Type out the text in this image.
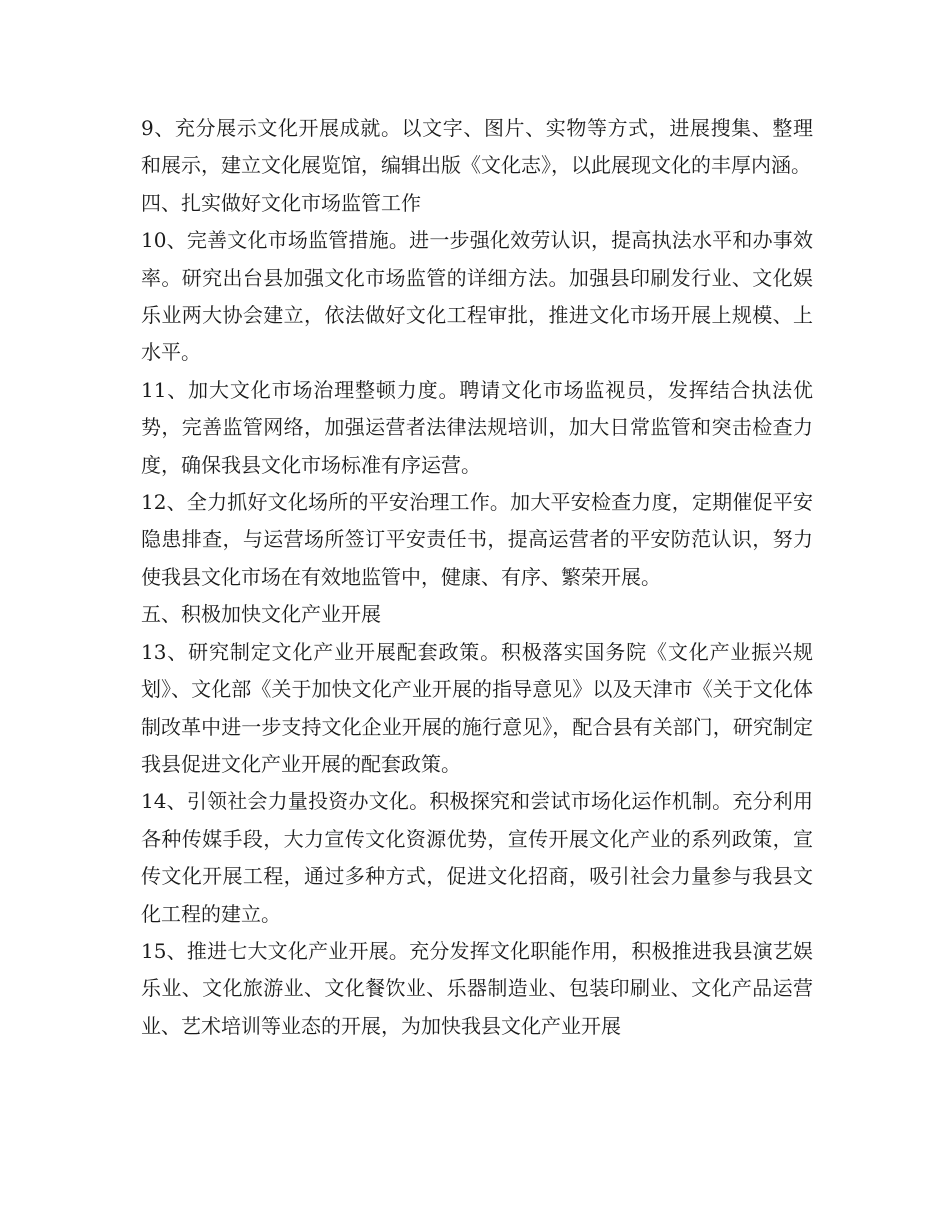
9、充分展示文化开展成就。以文字、图片、实物等方式，进展搜集、整理和展示，建立文化展览馆，编辑出版《文化志》，以此展现文化的丰厚内涵。

四、扎实做好文化市场监管工作

10、完善文化市场监管措施。进一步强化效劳认识，提高执法水平和办事效率。研究出台县加强文化市场监管的详细方法。加强县印刷发行业、文化娱乐业两大协会建立，依法做好文化工程审批，推进文化市场开展上规模、上水平。

11、加大文化市场治理整顿力度。聘请文化市场监视员，发挥结合执法优势，完善监管网络，加强运营者法律法规培训，加大日常监管和突击检查力度，确保我县文化市场标准有序运营。

12、全力抓好文化场所的平安治理工作。加大平安检查力度，定期催促平安隐患排查，与运营场所签订平安责任书，提高运营者的平安防范认识，努力使我县文化市场在有效地监管中，健康、有序、繁荣开展。

五、积极加快文化产业开展

13、研究制定文化产业开展配套政策。积极落实国务院《文化产业振兴规划》、文化部《关于加快文化产业开展的指导意见》以及天津市《关于文化体制改革中进一步支持文化企业开展的施行意见》，配合县有关部门，研究制定我县促进文化产业开展的配套政策。

14、引领社会力量投资办文化。积极探究和尝试市场化运作机制。充分利用各种传媒手段，大力宣传文化资源优势，宣传开展文化产业的系列政策，宣传文化开展工程，通过多种方式，促进文化招商，吸引社会力量参与我县文化工程的建立。

15、推进七大文化产业开展。充分发挥文化职能作用，积极推进我县演艺娱乐业、文化旅游业、文化餐饮业、乐器制造业、包装印刷业、文化产品运营业、艺术培训等业态的开展，为加快我县文化产业开展
